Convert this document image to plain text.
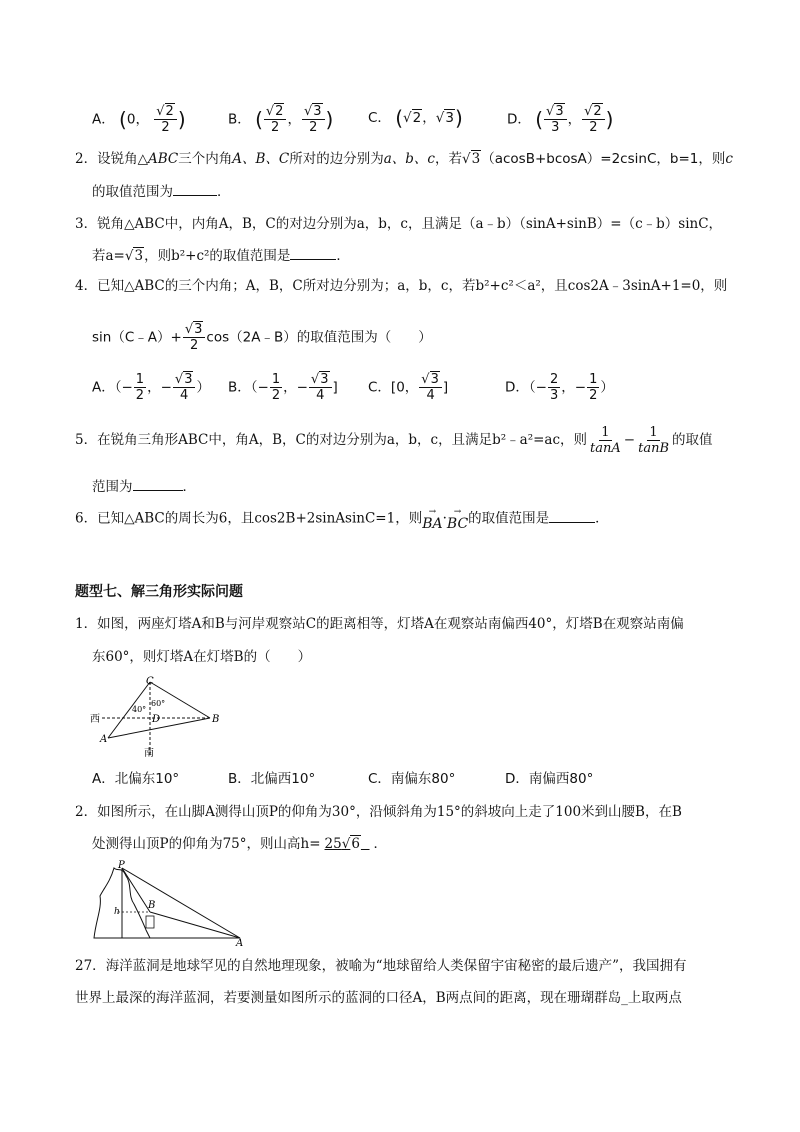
A． (0， $\frac{√2}{2}$ )	B． ( $\frac{√2}{2}$ ， $\frac{√3}{2}$ )	C． (√2，√3)	D． ( $\frac{√3}{3}$ ， $\frac{√2}{2}$ )
2．设锐角△ABC三个内角A、B、C所对的边分别为a、b、c，若√3（acosB+bcosA）=2csinC，b=1，则c
的取值范围为	．
3．锐角△ABC中，内角A，B，C的对边分别为a，b，c，且满足（a﹣b）（sinA+sinB）=（c﹣b）sinC，
若a=√3，则b²+c²的取值范围是	．
4．已知△ABC的三个内角；A，B，C所对边分别为；a，b，c，若b²+c²＜a²，且cos2A﹣3sinA+1=0，则
sin（C﹣A）+ $\frac{√3}{2}$ cos（2A﹣B）的取值范围为（　　）
A．（− $\frac{1}{2}$ ，− $\frac{√3}{4}$ ） B．（− $\frac{1}{2}$ ，− $\frac{√3}{4}$ ] C．[0， $\frac{√3}{4}$ ]	D．（− $\frac{2}{3}$ ，− $\frac{1}{2}$ ）
5．在锐角三角形ABC中，角A，B，C的对边分别为a，b，c，且满足b²﹣a²=ac，则 $\frac{1}{\tan A} - \frac{1}{\tan B}$ 的取值
范围为	．
6．已知△ABC的周长为6，且cos2B+2sinAsinC=1，则 →
BA · →
BC 的取值范围是	．
题型七、解三角形实际问题
1．如图，两座灯塔A和B与河岸观察站C的距离相等，灯塔A在观察站南偏西40°，灯塔B在观察站南偏
东60°，则灯塔A在灯塔B的（　　）
C
D
A
B
西
南
40°
60°
A．北偏东10°	B．北偏西10°	C．南偏东80°	D．南偏西80°
2．如图所示，在山脚A测得山顶P的仰角为30°，沿倾斜角为15°的斜坡向上走了100米到山腰B，在B
处测得山顶P的仰角为75°，则山高h= 25√6 ．
P
B
A
h
27．海洋蓝洞是地球罕见的自然地理现象，被喻为“地球留给人类保留宇宙秘密的最后遗产”，我国拥有
世界上最深的海洋蓝洞，若要测量如图所示的蓝洞的口径A，B两点间的距离，现在珊瑚群岛_上取两点
